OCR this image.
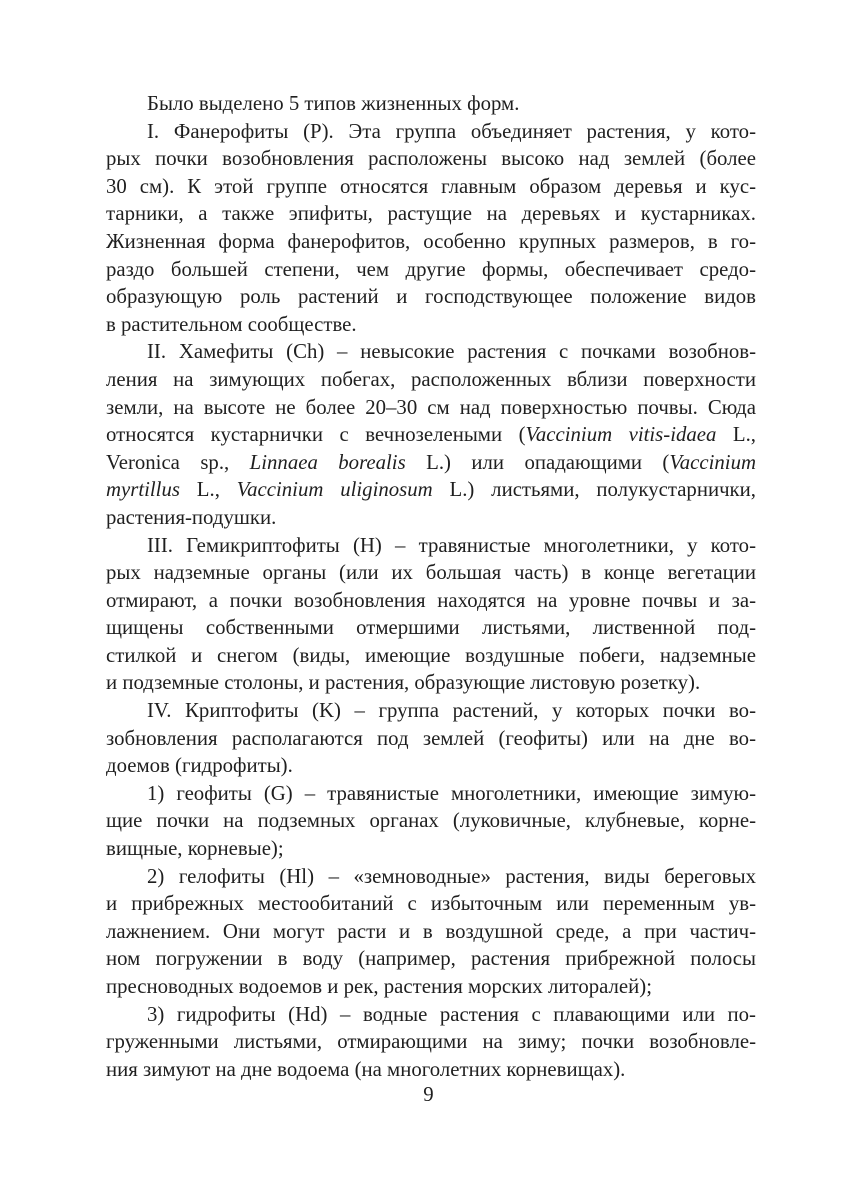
Было выделено 5 типов жизненных форм.

I. Фанерофиты (P). Эта группа объединяет растения, у кото-
рых почки возобновления расположены высоко над землей (более
30 см). К этой группе относятся главным образом деревья и кус-
тарники, а также эпифиты, растущие на деревьях и кустарниках.
Жизненная форма фанерофитов, особенно крупных размеров, в го-
раздо большей степени, чем другие формы, обеспечивает средо-
образующую роль растений и господствующее положение видов
в растительном сообществе.

II. Хамефиты (Ch) – невысокие растения с почками возобнов-
ления на зимующих побегах, расположенных вблизи поверхности
земли, на высоте не более 20–30 см над поверхностью почвы. Сюда
относятся кустарнички с вечнозелеными (Vaccinium vitis-idaea L.,
Veronica sp., Linnaea borealis L.) или опадающими (Vaccinium
myrtillus L., Vaccinium uliginosum L.) листьями, полукустарнички,
растения-подушки.

III. Гемикриптофиты (H) – травянистые многолетники, у кото-
рых надземные органы (или их большая часть) в конце вегетации
отмирают, а почки возобновления находятся на уровне почвы и за-
щищены собственными отмершими листьями, лиственной под-
стилкой и снегом (виды, имеющие воздушные побеги, надземные
и подземные столоны, и растения, образующие листовую розетку).

IV. Криптофиты (K) – группа растений, у которых почки во-
зобновления располагаются под землей (геофиты) или на дне во-
доемов (гидрофиты).

1) геофиты (G) – травянистые многолетники, имеющие зимую-
щие почки на подземных органах (луковичные, клубневые, корне-
вищные, корневые);

2) гелофиты (Hl) – «земноводные» растения, виды береговых
и прибрежных местообитаний с избыточным или переменным ув-
лажнением. Они могут расти и в воздушной среде, а при частич-
ном погружении в воду (например, растения прибрежной полосы
пресноводных водоемов и рек, растения морских литоралей);

3) гидрофиты (Hd) – водные растения с плавающими или по-
груженными листьями, отмирающими на зиму; почки возобновле-
ния зимуют на дне водоема (на многолетних корневищах).

9
